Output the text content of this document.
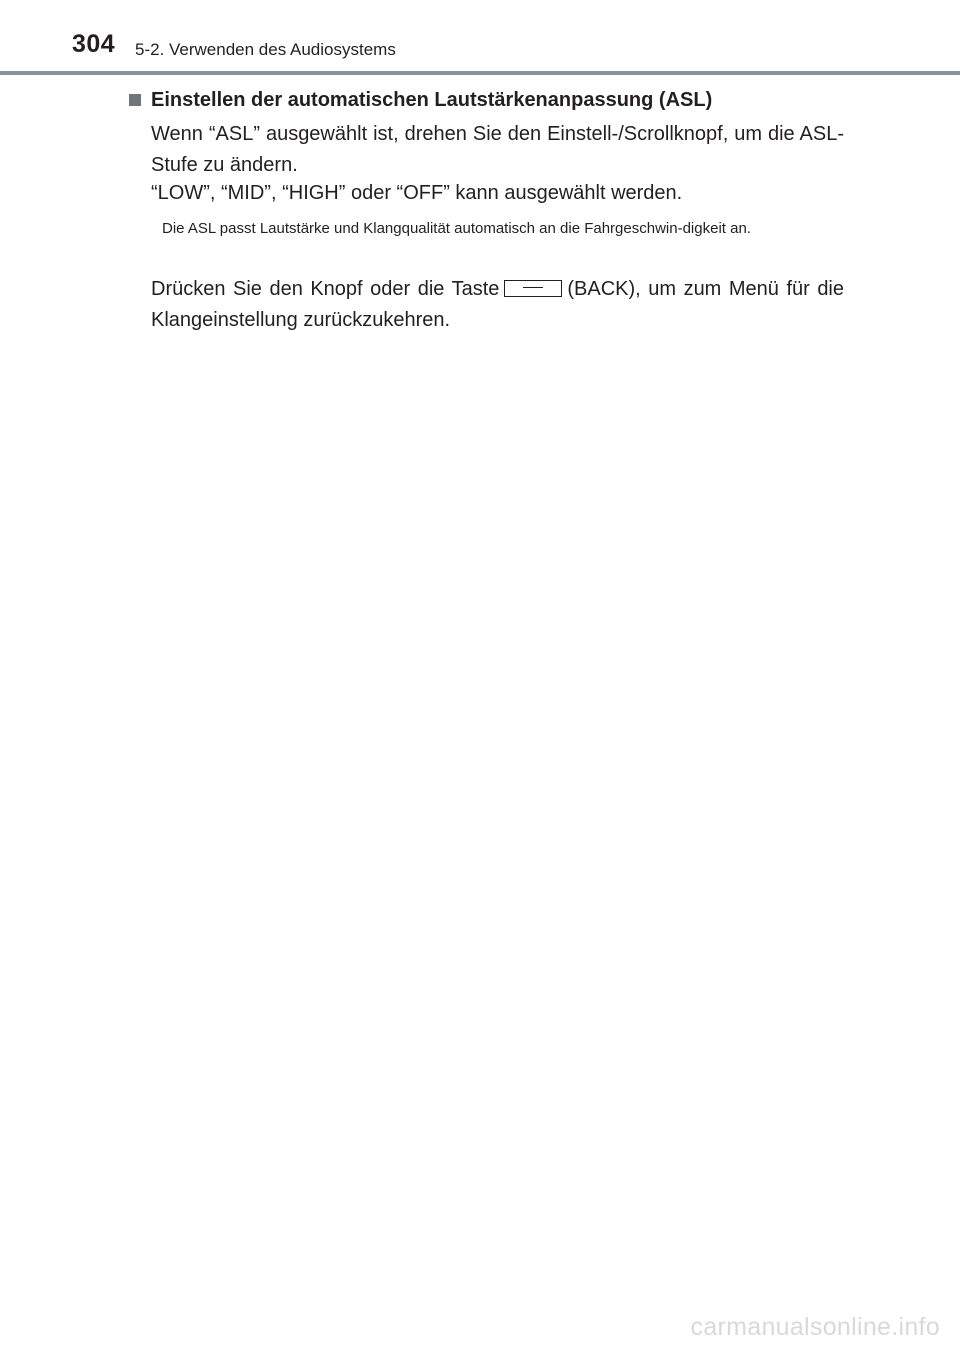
304 5-2. Verwenden des Audiosystems
Einstellen der automatischen Lautstärkenanpassung (ASL)
Wenn “ASL” ausgewählt ist, drehen Sie den Einstell-/Scrollknopf, um die ASL-Stufe zu ändern.
“LOW”, “MID”, “HIGH” oder “OFF” kann ausgewählt werden.
Die ASL passt Lautstärke und Klangqualität automatisch an die Fahrgeschwin-digkeit an.
Drücken Sie den Knopf oder die Taste	(BACK), um zum Menü für die Klangeinstellung zurückzukehren.
carmanualsonline.info
